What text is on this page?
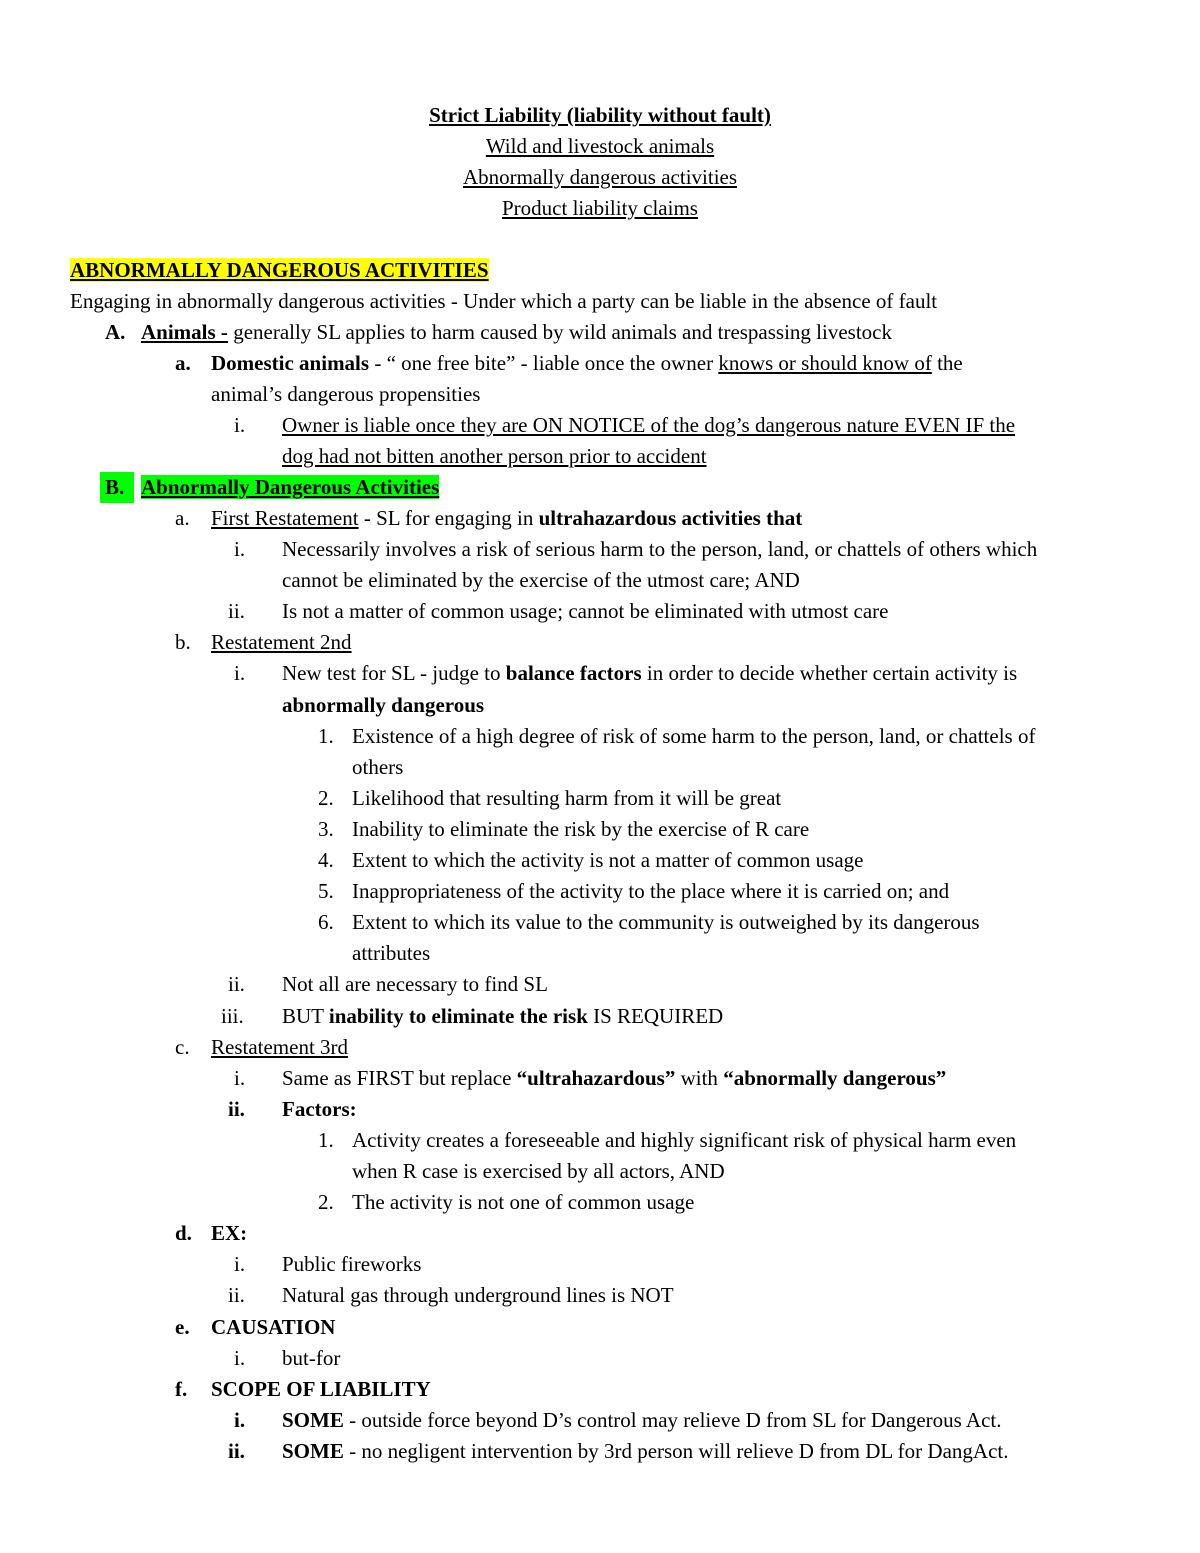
Strict Liability (liability without fault)
Wild and livestock animals
Abnormally dangerous activities
Product liability claims
ABNORMALLY DANGEROUS ACTIVITIES
Engaging in abnormally dangerous activities - Under which a party can be liable in the absence of fault
A. Animals - generally SL applies to harm caused by wild animals and trespassing livestock
a. Domestic animals - “ one free bite” - liable once the owner knows or should know of the
animal’s dangerous propensities
i. Owner is liable once they are ON NOTICE of the dog’s dangerous nature EVEN IF the
dog had not bitten another person prior to accident
B. Abnormally Dangerous Activities
a. First Restatement - SL for engaging in ultrahazardous activities that
i. Necessarily involves a risk of serious harm to the person, land, or chattels of others which
cannot be eliminated by the exercise of the utmost care; AND
ii. Is not a matter of common usage; cannot be eliminated with utmost care
b. Restatement 2nd
i. New test for SL - judge to balance factors in order to decide whether certain activity is
abnormally dangerous
1. Existence of a high degree of risk of some harm to the person, land, or chattels of
others
2. Likelihood that resulting harm from it will be great
3. Inability to eliminate the risk by the exercise of R care
4. Extent to which the activity is not a matter of common usage
5. Inappropriateness of the activity to the place where it is carried on; and
6. Extent to which its value to the community is outweighed by its dangerous
attributes
ii. Not all are necessary to find SL
iii. BUT inability to eliminate the risk IS REQUIRED
c. Restatement 3rd
i. Same as FIRST but replace “ultrahazardous” with “abnormally dangerous”
ii. Factors:
1. Activity creates a foreseeable and highly significant risk of physical harm even
when R case is exercised by all actors, AND
2. The activity is not one of common usage
d. EX:
i. Public fireworks
ii. Natural gas through underground lines is NOT
e. CAUSATION
i. but-for
f. SCOPE OF LIABILITY
i. SOME - outside force beyond D’s control may relieve D from SL for Dangerous Act.
ii. SOME - no negligent intervention by 3rd person will relieve D from DL for DangAct.
